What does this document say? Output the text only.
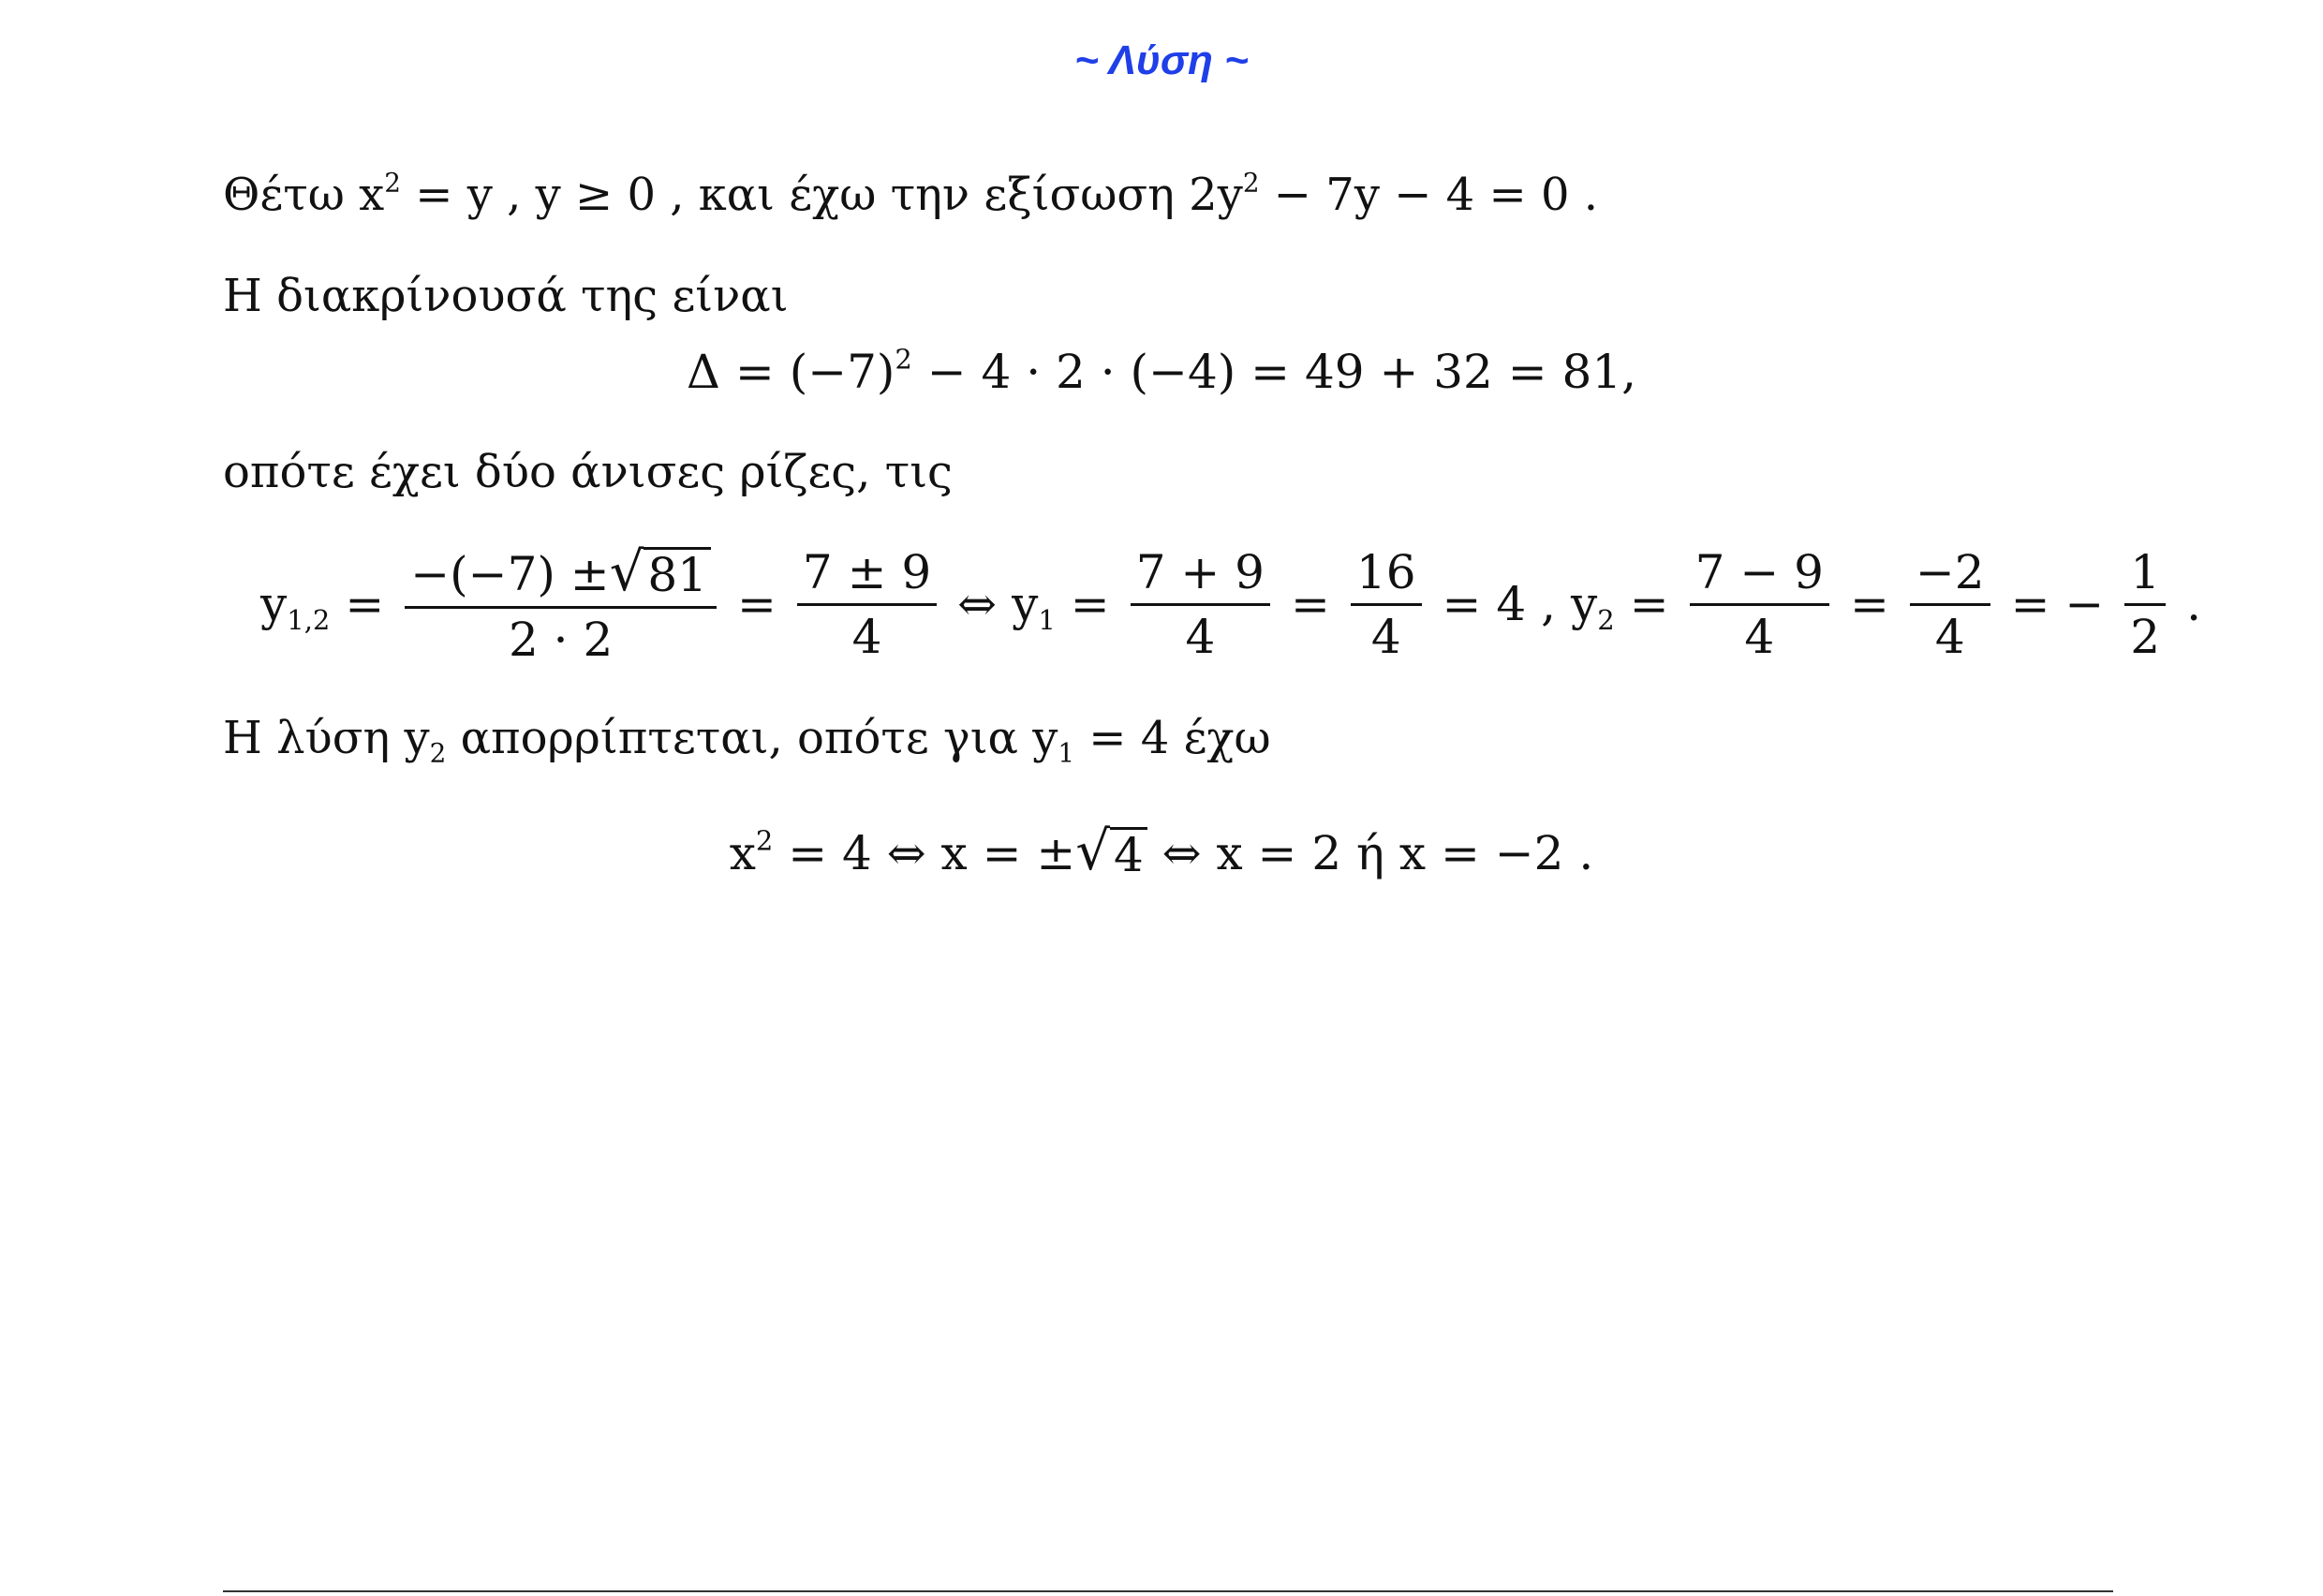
~ Λύση ~
Θέτω $x^2 = y$ , y ≥ 0 , και έχω την εξίσωση $2y^2 - 7y - 4 = 0$ .
Η διακρίνουσά της είναι
$\Delta = (-7)^2 - 4 \cdot 2 \cdot (-4) = 49 + 32 = 81$,
οπότε έχει δύο άνισες ρίζες, τις
$y_{1,2} = \frac{-(-7) \pm √ 81}{2 \cdot 2} = \frac{7 \pm 9}{4}$ ⇔ $y_1 = \frac{7 + 9}{4} = \frac{16}{4} = 4$ , $y_2 = \frac{7 - 9}{4} = \frac{-2}{4}$ = − $\frac{1}{2}$ .
Η λύση $y_2$ απορρίπτεται, οπότε για $y_1 = 4$ έχω
$x^2 = 4$ ⇔ x = ± √ 4 ⇔ x = 2 ή x = −2 .
